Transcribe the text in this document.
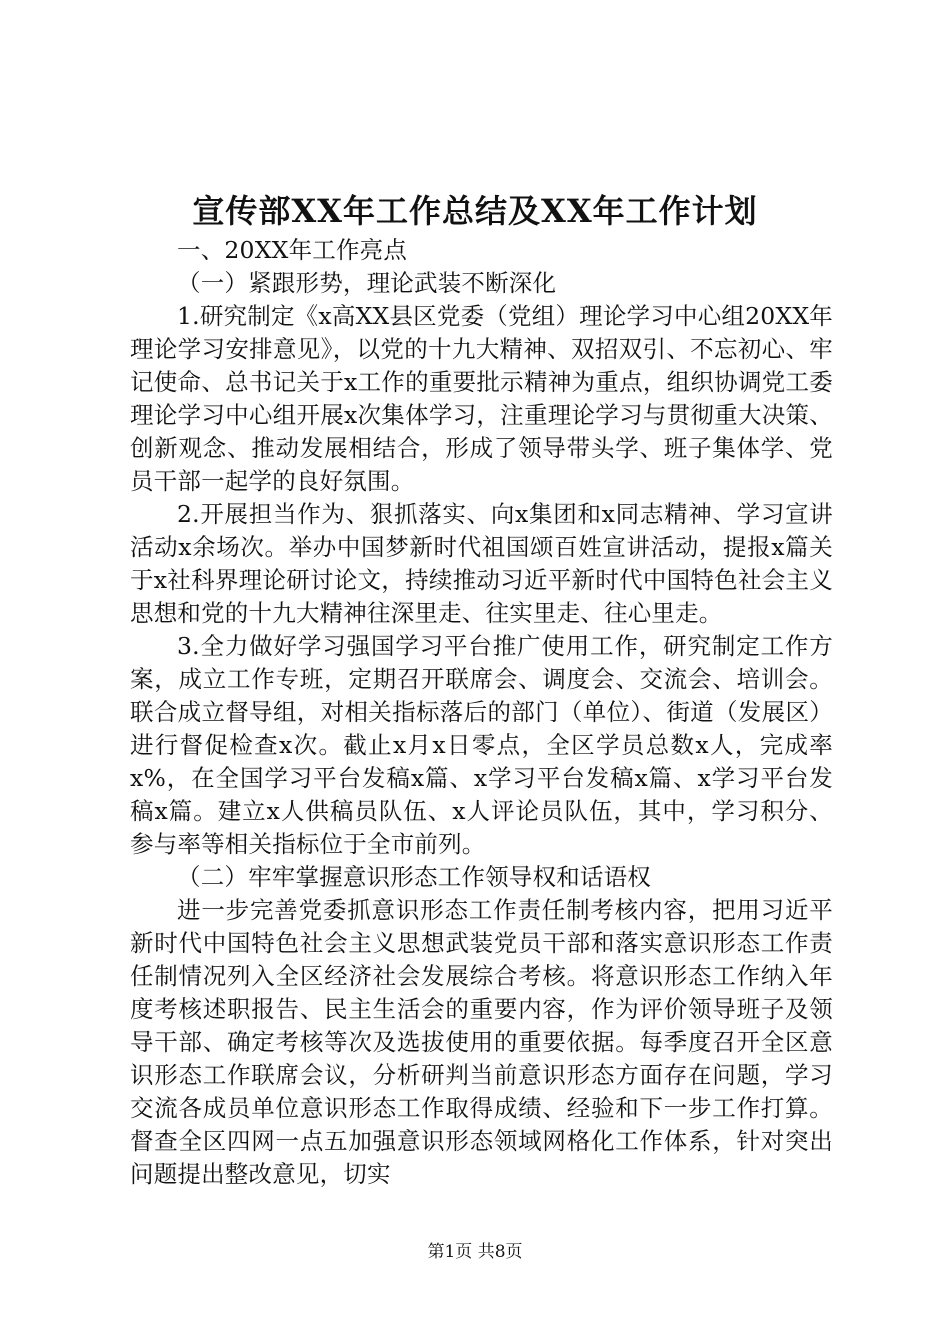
宣传部XX年工作总结及XX年工作计划

一、20XX年工作亮点

（一）紧跟形势，理论武装不断深化

1.研究制定《x高XX县区党委（党组）理论学习中心组20XX年理论学习安排意见》，以党的十九大精神、双招双引、不忘初心、牢记使命、总书记关于x工作的重要批示精神为重点，组织协调党工委理论学习中心组开展x次集体学习，注重理论学习与贯彻重大决策、创新观念、推动发展相结合，形成了领导带头学、班子集体学、党员干部一起学的良好氛围。

2.开展担当作为、狠抓落实、向x集团和x同志精神、学习宣讲活动x余场次。举办中国梦新时代祖国颂百姓宣讲活动，提报x篇关于x社科界理论研讨论文，持续推动习近平新时代中国特色社会主义思想和党的十九大精神往深里走、往实里走、往心里走。

3.全力做好学习强国学习平台推广使用工作，研究制定工作方案，成立工作专班，定期召开联席会、调度会、交流会、培训会。联合成立督导组，对相关指标落后的部门（单位）、街道（发展区）进行督促检查x次。截止x月x日零点，全区学员总数x人，完成率x%，在全国学习平台发稿x篇、x学习平台发稿x篇、x学习平台发稿x篇。建立x人供稿员队伍、x人评论员队伍，其中，学习积分、参与率等相关指标位于全市前列。

（二）牢牢掌握意识形态工作领导权和话语权

进一步完善党委抓意识形态工作责任制考核内容，把用习近平新时代中国特色社会主义思想武装党员干部和落实意识形态工作责任制情况列入全区经济社会发展综合考核。将意识形态工作纳入年度考核述职报告、民主生活会的重要内容，作为评价领导班子及领导干部、确定考核等次及选拔使用的重要依据。每季度召开全区意识形态工作联席会议，分析研判当前意识形态方面存在问题，学习交流各成员单位意识形态工作取得成绩、经验和下一步工作打算。督查全区四网一点五加强意识形态领域网格化工作体系，针对突出问题提出整改意见，切实

第1页 共8页
